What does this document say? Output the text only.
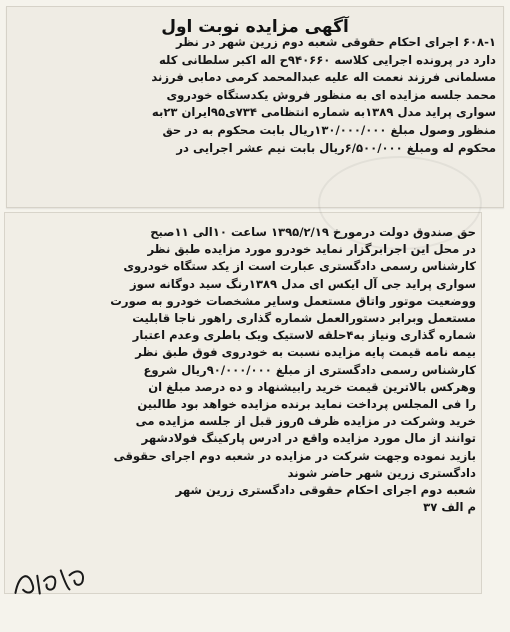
آگهی مزایده نوبت اول
۶۰۸-۱ اجرای احکام حقوقی شعبه دوم زرین شهر در نظر
دارد در پرونده اجرایی کلاسه ۹۴۰۶۶۰ح اله اکبر سلطانی کله
مسلمانی فرزند نعمت اله علیه عبدالمحمد کرمی دمابی فرزند
محمد جلسه مزایده ای به منظور فروش یکدستگاه خودروی
سواری پراید مدل ۱۳۸۹به شماره انتظامی ۷۳۴ی۹۵ایران ۲۳به
منظور وصول مبلغ ۱۳۰/۰۰۰/۰۰۰ریال بابت محکوم به در حق
محکوم له ومبلغ ۶/۵۰۰/۰۰۰ریال بابت نیم عشر اجرایی در
حق صندوق دولت درمورخ ۱۳۹۵/۲/۱۹ ساعت ۱۰الی ۱۱صبح
در محل این اجرابرگزار نماید خودرو مورد مزایده طبق نظر
کارشناس رسمی دادگستری عبارت است از یکد ستگاه خودروی
سواری پراید جی آل ایکس ای مدل ۱۳۸۹رنگ سید دوگانه سوز
ووضعیت موتور واتاق مستعمل وسایر مشخصات خودرو به صورت
مستعمل وبرابر دستورالعمل شماره گذاری راهور ناجا قابلیت
شماره گذاری ونیاز به۴حلقه لاستیک ویک باطری وعدم اعتبار
بیمه نامه قیمت پایه مزایده نسبت به خودروی فوق طبق نظر
کارشناس رسمی دادگستری از مبلغ ۹۰/۰۰۰/۰۰۰ریال شروع
وهرکس بالاترین قیمت خرید رابیشنهاد و ده درصد مبلغ ان
را فی المجلس پرداخت نماید برنده مزایده خواهد بود طالبین
خرید وشرکت در مزایده ظرف ۵روز قبل از جلسه مزایده می
توانند از مال مورد مزایده واقع در ادرس پارکینگ فولادشهر
بازید نموده وجهت شرکت در مزایده در شعبه دوم اجرای حقوقی
دادگستری زرین شهر حاضر شوند
شعبه دوم اجرای احکام حقوقی دادگستری زرین شهر
م الف ۳۷
